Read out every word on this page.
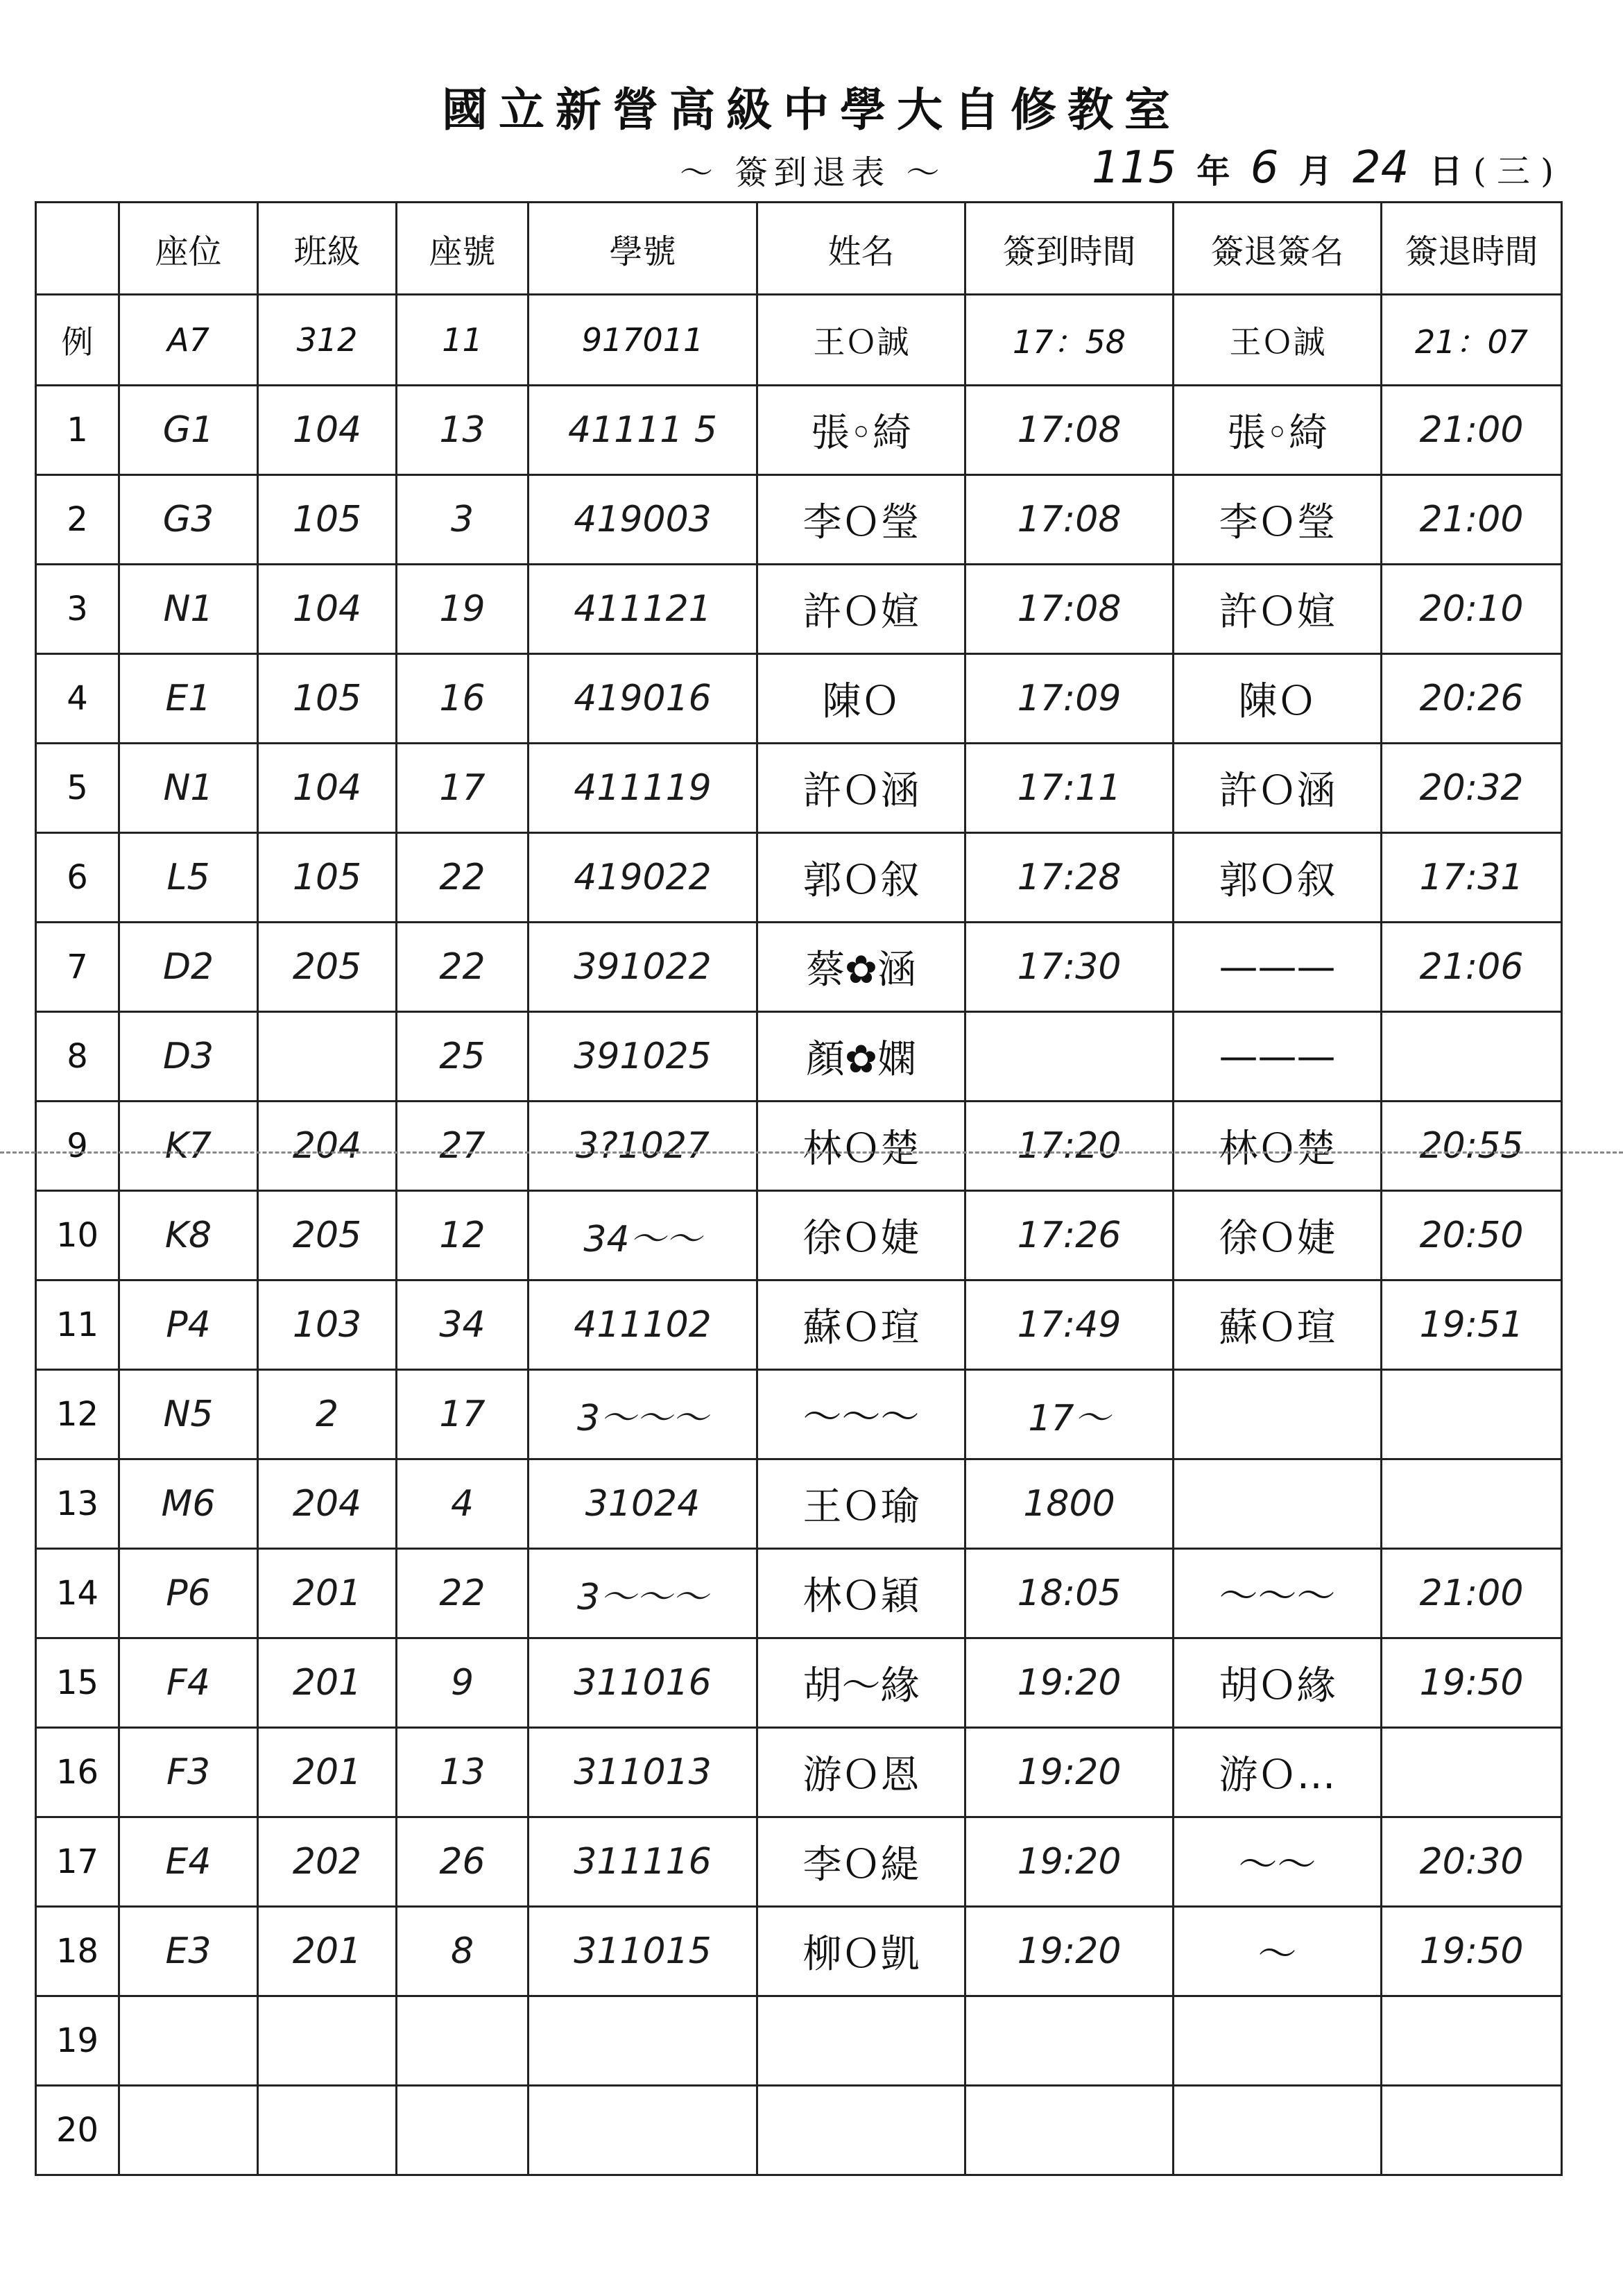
國立新營高級中學大自修教室
～ 簽到退表 ～	115 年 6 月 24 日 ( 三 )
	座位	班級	座號	學號	姓名	簽到時間	簽退簽名	簽退時間
例	A7	312	11	917011	王Ｏ誠	17：58	王Ｏ誠	21：07
1	G1	104	13	41111 5	張◦綺	17:08	張◦綺	21:00
2	G3	105	3	419003	李Ｏ瑩	17:08	李Ｏ瑩	21:00
3	N1	104	19	411121	許Ｏ媗	17:08	許Ｏ媗	20:10
4	E1	105	16	419016	陳Ｏ	17:09	陳Ｏ	20:26
5	N1	104	17	411119	許Ｏ涵	17:11	許Ｏ涵	20:32
6	L5	105	22	419022	郭Ｏ叙	17:28	郭Ｏ叙	17:31
7	D2	205	22	391022	蔡✿涵	17:30	———	21:06
8	D3		25	391025	顏✿嫻		———	
9	K7	204	27	3?1027	林Ｏ楚	17:20	林Ｏ楚	20:55
10	K8	205	12	34～～	徐Ｏ婕	17:26	徐Ｏ婕	20:50
11	P4	103	34	411102	蘇Ｏ瑄	17:49	蘇Ｏ瑄	19:51
12	N5	2	17	3～～～	～～～	17～		
13	M6	204	4	31024	王Ｏ瑜	1800		
14	P6	201	22	3～～～	林Ｏ穎	18:05	～～～	21:00
15	F4	201	9	311016	胡～緣	19:20	胡Ｏ緣	19:50
16	F3	201	13	311013	游Ｏ恩	19:20	游Ｏ…	
17	E4	202	26	311116	李Ｏ緹	19:20	～～	20:30
18	E3	201	8	311015	柳Ｏ凱	19:20	～	19:50
19								
20								
